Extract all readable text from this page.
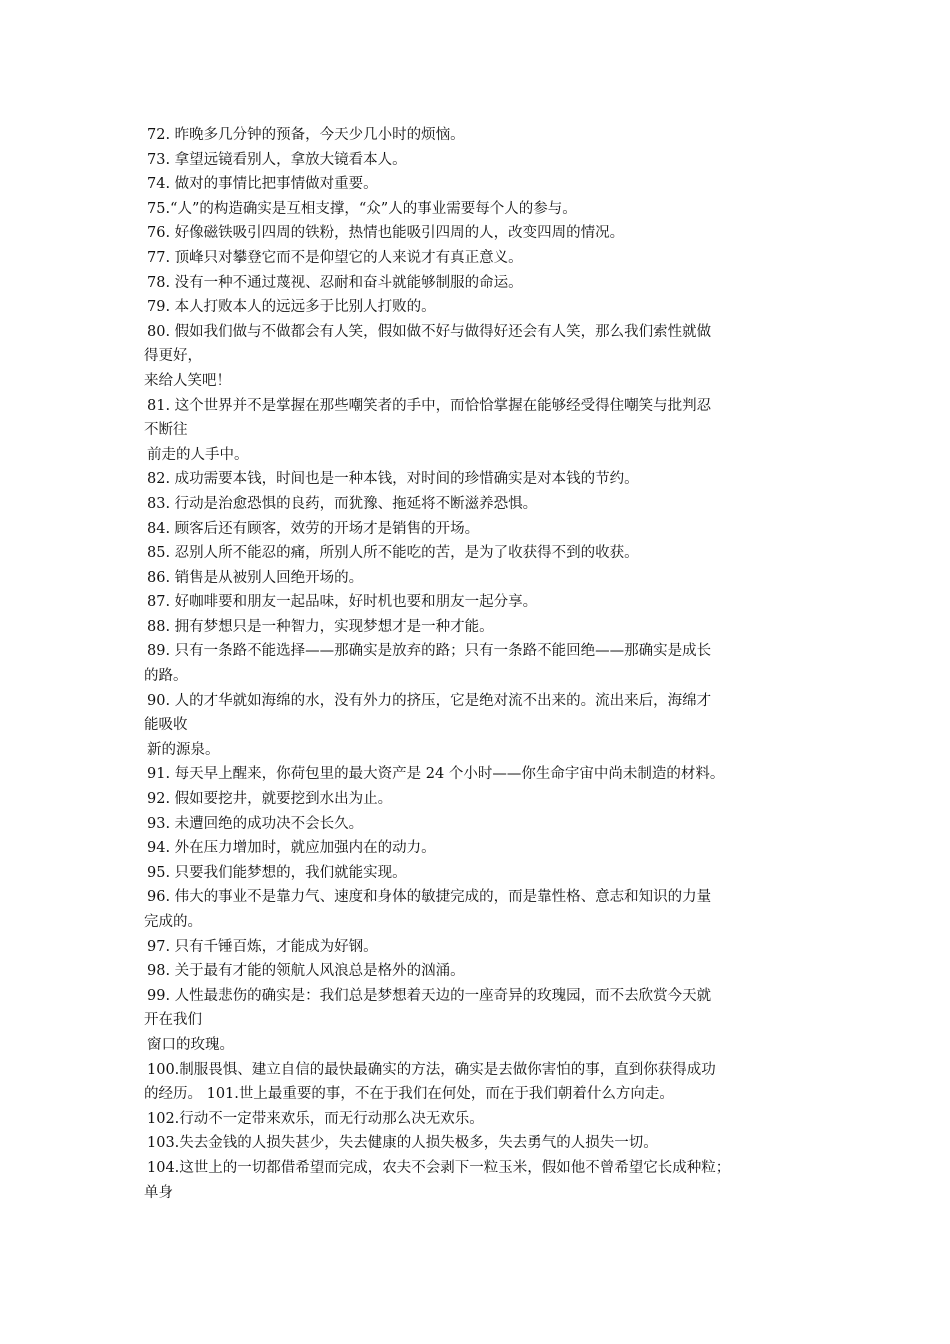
72. 昨晚多几分钟的预备，今天少几小时的烦恼。
73. 拿望远镜看别人，拿放大镜看本人。
74. 做对的事情比把事情做对重要。
75.“人”的构造确实是互相支撑，“众”人的事业需要每个人的参与。
76. 好像磁铁吸引四周的铁粉，热情也能吸引四周的人，改变四周的情况。
77. 顶峰只对攀登它而不是仰望它的人来说才有真正意义。
78. 没有一种不通过蔑视、忍耐和奋斗就能够制服的命运。
79. 本人打败本人的远远多于比别人打败的。
80. 假如我们做与不做都会有人笑，假如做不好与做得好还会有人笑，那么我们索性就做
得更好，
来给人笑吧！
81. 这个世界并不是掌握在那些嘲笑者的手中，而恰恰掌握在能够经受得住嘲笑与批判忍
不断往
前走的人手中。
82. 成功需要本钱，时间也是一种本钱，对时间的珍惜确实是对本钱的节约。
83. 行动是治愈恐惧的良药，而犹豫、拖延将不断滋养恐惧。
84. 顾客后还有顾客，效劳的开场才是销售的开场。
85. 忍别人所不能忍的痛，所别人所不能吃的苦，是为了收获得不到的收获。
86. 销售是从被别人回绝开场的。
87. 好咖啡要和朋友一起品味，好时机也要和朋友一起分享。
88. 拥有梦想只是一种智力，实现梦想才是一种才能。
89. 只有一条路不能选择——那确实是放弃的路；只有一条路不能回绝——那确实是成长
的路。
90. 人的才华就如海绵的水，没有外力的挤压，它是绝对流不出来的。流出来后，海绵才
能吸收
新的源泉。
91. 每天早上醒来，你荷包里的最大资产是 24 个小时——你生命宇宙中尚未制造的材料。
92. 假如要挖井，就要挖到水出为止。
93. 未遭回绝的成功决不会长久。
94. 外在压力增加时，就应加强内在的动力。
95. 只要我们能梦想的，我们就能实现。
96. 伟大的事业不是靠力气、速度和身体的敏捷完成的，而是靠性格、意志和知识的力量
完成的。
97. 只有千锤百炼，才能成为好钢。
98. 关于最有才能的领航人风浪总是格外的汹涌。
99. 人性最悲伤的确实是：我们总是梦想着天边的一座奇异的玫瑰园，而不去欣赏今天就
开在我们
窗口的玫瑰。
100.制服畏惧、建立自信的最快最确实的方法，确实是去做你害怕的事，直到你获得成功
的经历。 101.世上最重要的事，不在于我们在何处，而在于我们朝着什么方向走。
102.行动不一定带来欢乐，而无行动那么决无欢乐。
103.失去金钱的人损失甚少，失去健康的人损失极多，失去勇气的人损失一切。
104.这世上的一切都借希望而完成，农夫不会剥下一粒玉米，假如他不曾希望它长成种粒；
单身
